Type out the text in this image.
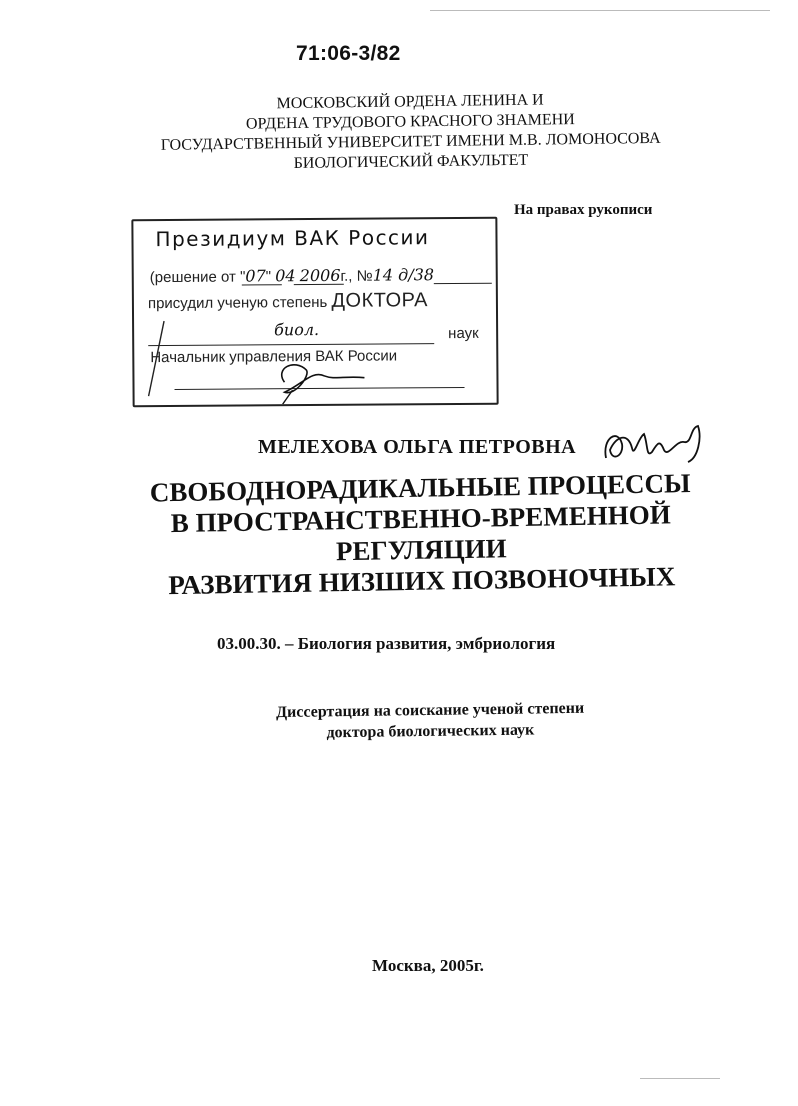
71:06-3/82
МОСКОВСКИЙ ОРДЕНА ЛЕНИНА И
ОРДЕНА ТРУДОВОГО КРАСНОГО ЗНАМЕНИ
ГОСУДАРСТВЕННЫЙ УНИВЕРСИТЕТ ИМЕНИ М.В. ЛОМОНОСОВА
БИОЛОГИЧЕСКИЙ ФАКУЛЬТЕТ
На правах рукописи
Президиум ВАК России
(решение от "07" 04 2006г., №14 д/38
присудил ученую степень ДОКТОРА
биол.	наук
Начальник управления ВАК России
МЕЛЕХОВА ОЛЬГА ПЕТРОВНА
СВОБОДНОРАДИКАЛЬНЫЕ ПРОЦЕССЫ
В ПРОСТРАНСТВЕННО-ВРЕМЕННОЙ
РЕГУЛЯЦИИ
РАЗВИТИЯ НИЗШИХ ПОЗВОНОЧНЫХ
03.00.30. – Биология развития, эмбриология
Диссертация на соискание ученой степени
доктора биологических наук
Москва, 2005г.
